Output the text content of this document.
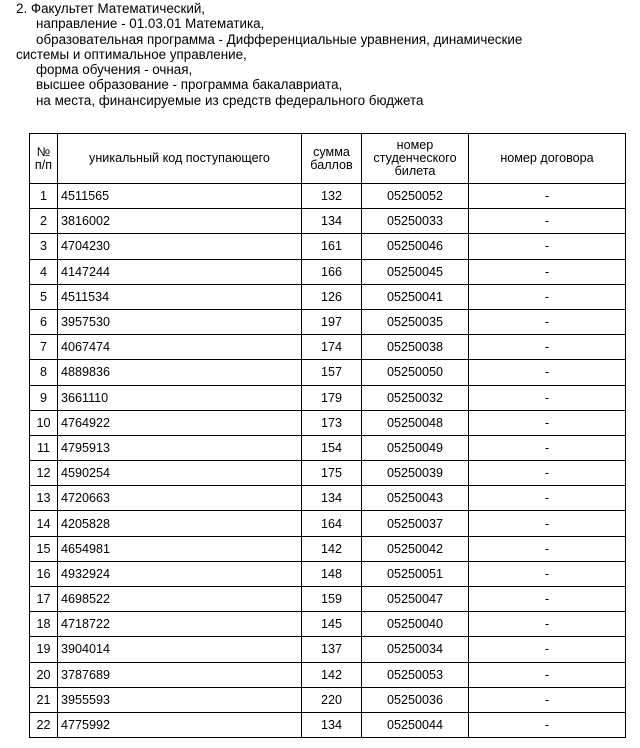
2. Факультет Математический,
направление - 01.03.01 Математика,
образовательная программа - Дифференциальные уравнения, динамические
системы и оптимальное управление,
форма обучения - очная,
высшее образование - программа бакалавриата,
на места, финансируемые из средств федерального бюджета
№ п/п	уникальный код поступающего	сумма баллов	номер студенческого билета	номер договора
1	4511565	132	05250052	-
2	3816002	134	05250033	-
3	4704230	161	05250046	-
4	4147244	166	05250045	-
5	4511534	126	05250041	-
6	3957530	197	05250035	-
7	4067474	174	05250038	-
8	4889836	157	05250050	-
9	3661110	179	05250032	-
10	4764922	173	05250048	-
11	4795913	154	05250049	-
12	4590254	175	05250039	-
13	4720663	134	05250043	-
14	4205828	164	05250037	-
15	4654981	142	05250042	-
16	4932924	148	05250051	-
17	4698522	159	05250047	-
18	4718722	145	05250040	-
19	3904014	137	05250034	-
20	3787689	142	05250053	-
21	3955593	220	05250036	-
22	4775992	134	05250044	-
